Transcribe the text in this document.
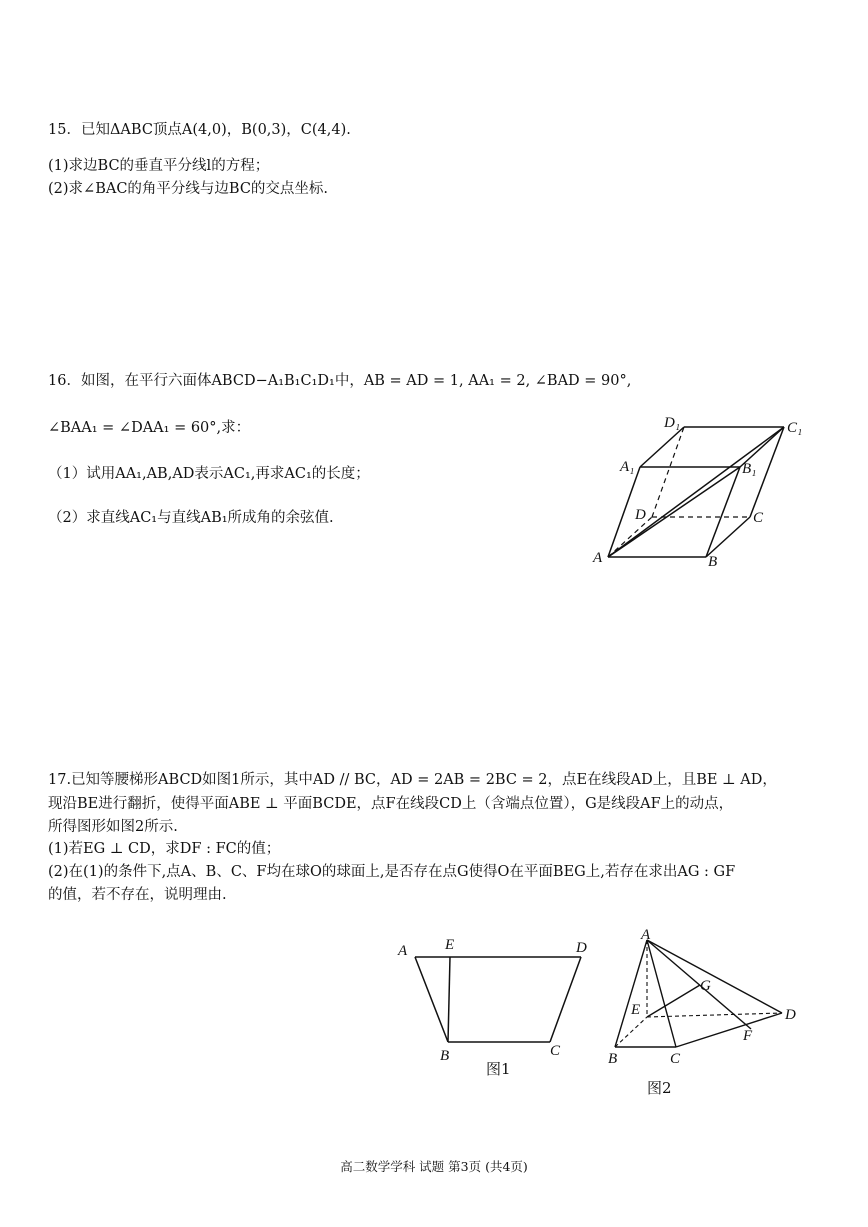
15．已知ΔABC顶点A(4,0)，B(0,3)，C(4,4).
(1)求边BC的垂直平分线l的方程；
(2)求∠BAC的角平分线与边BC的交点坐标.
16．如图，在平行六面体ABCD−A₁B₁C₁D₁中，AB = AD = 1, AA₁ = 2, ∠BAD = 90°,
∠BAA₁ = ∠DAA₁ = 60°,求：
（1）试用AA₁,AB,AD表示AC₁,再求AC₁的长度；
（2）求直线AC₁与直线AB₁所成角的余弦值.
D₁	C₁
A₁	B₁
D	C
A	B
17.已知等腰梯形ABCD如图1所示，其中AD // BC，AD = 2AB = 2BC = 2，点E在线段AD上，且BE ⊥ AD，
现沿BE进行翻折，使得平面ABE ⊥ 平面BCDE，点F在线段CD上（含端点位置），G是线段AF上的动点，
所得图形如图2所示.
(1)若EG ⊥ CD，求DF : FC的值；
(2)在(1)的条件下,点A、B、C、F均在球O的球面上,是否存在点G使得O在平面BEG上,若存在求出AG : GF
的值，若不存在，说明理由.
A	E	D
B	C
图1
A
G
E	D
F
B	C
图2
高二数学学科 试题 第3页 (共4页)
